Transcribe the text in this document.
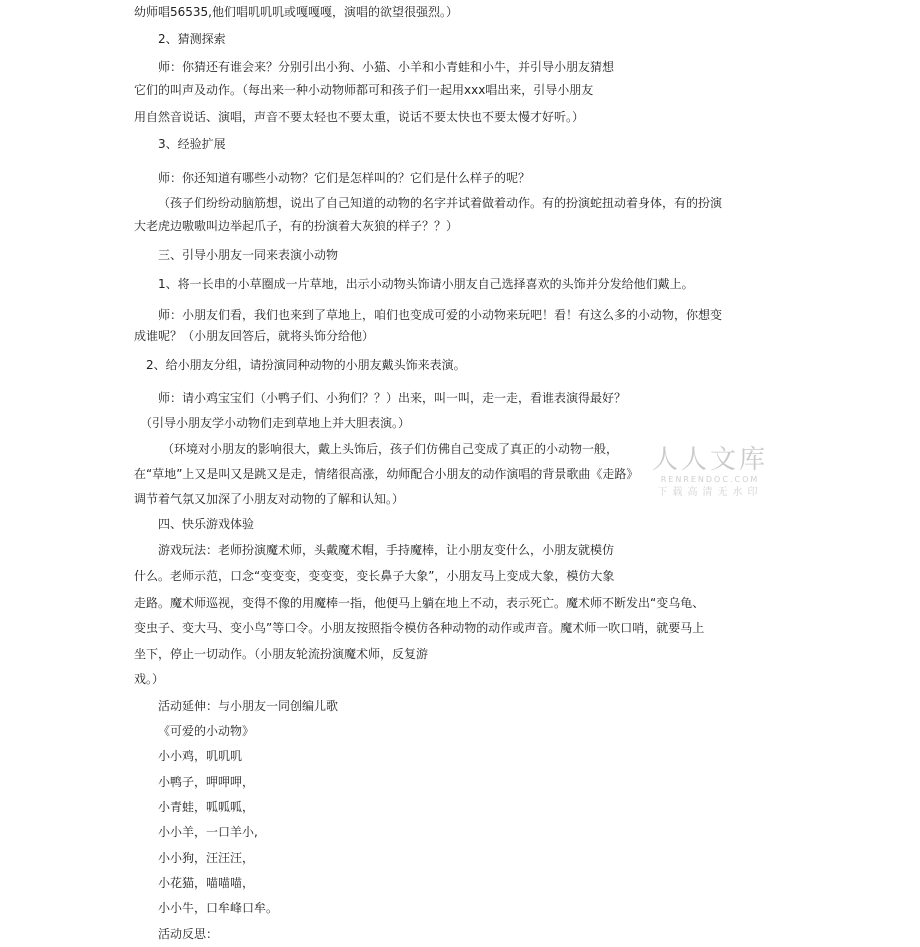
幼师唱56535,他们唱叽叽叽或嘎嘎嘎，演唱的欲望很强烈。）
2、猜测探索
师：你猜还有谁会来？分别引出小狗、小猫、小羊和小青蛙和小牛，并引导小朋友猜想
它们的叫声及动作。（每出来一种小动物师都可和孩子们一起用xxx唱出来，引导小朋友
用自然音说话、演唱，声音不要太轻也不要太重，说话不要太快也不要太慢才好听。）
3、经验扩展
师：你还知道有哪些小动物？它们是怎样叫的？它们是什么样子的呢？
（孩子们纷纷动脑筋想，说出了自己知道的动物的名字并试着做着动作。有的扮演蛇扭动着身体，有的扮演
大老虎边嗷嗷叫边举起爪子，有的扮演着大灰狼的样子？？）
三、引导小朋友一同来表演小动物
1、将一长串的小草圈成一片草地，出示小动物头饰请小朋友自己选择喜欢的头饰并分发给他们戴上。
师：小朋友们看，我们也来到了草地上，咱们也变成可爱的小动物来玩吧！看！有这么多的小动物，你想变
成谁呢？（小朋友回答后，就将头饰分给他）
2、给小朋友分组，请扮演同种动物的小朋友戴头饰来表演。
师：请小鸡宝宝们（小鸭子们、小狗们？？）出来，叫一叫，走一走，看谁表演得最好？
（引导小朋友学小动物们走到草地上并大胆表演。）
（环境对小朋友的影响很大，戴上头饰后，孩子们仿佛自己变成了真正的小动物一般，
在“草地”上又是叫又是跳又是走，情绪很高涨，幼师配合小朋友的动作演唱的背景歌曲《走路》
调节着气氛又加深了小朋友对动物的了解和认知。）
四、快乐游戏体验
游戏玩法：老师扮演魔术师，头戴魔术帽，手持魔棒，让小朋友变什么，小朋友就模仿
什么。老师示范，口念“变变变，变变变，变长鼻子大象”，小朋友马上变成大象，模仿大象
走路。魔术师巡视，变得不像的用魔棒一指，他便马上躺在地上不动，表示死亡。魔术师不断发出“变乌龟、
变虫子、变大马、变小鸟”等口令。小朋友按照指令模仿各种动物的动作或声音。魔术师一吹口哨，就要马上
坐下，停止一切动作。（小朋友轮流扮演魔术师，反复游
戏。）
活动延伸：与小朋友一同创编儿歌
《可爱的小动物》
小小鸡，叽叽叽
小鸭子，呷呷呷，
小青蛙，呱呱呱，
小小羊，一口羊小,
小小狗，汪汪汪，
小花猫，喵喵喵，
小小牛，口牟峰口牟。
活动反思：
人人文库
RENRENDOC.COM
下载高清无水印
